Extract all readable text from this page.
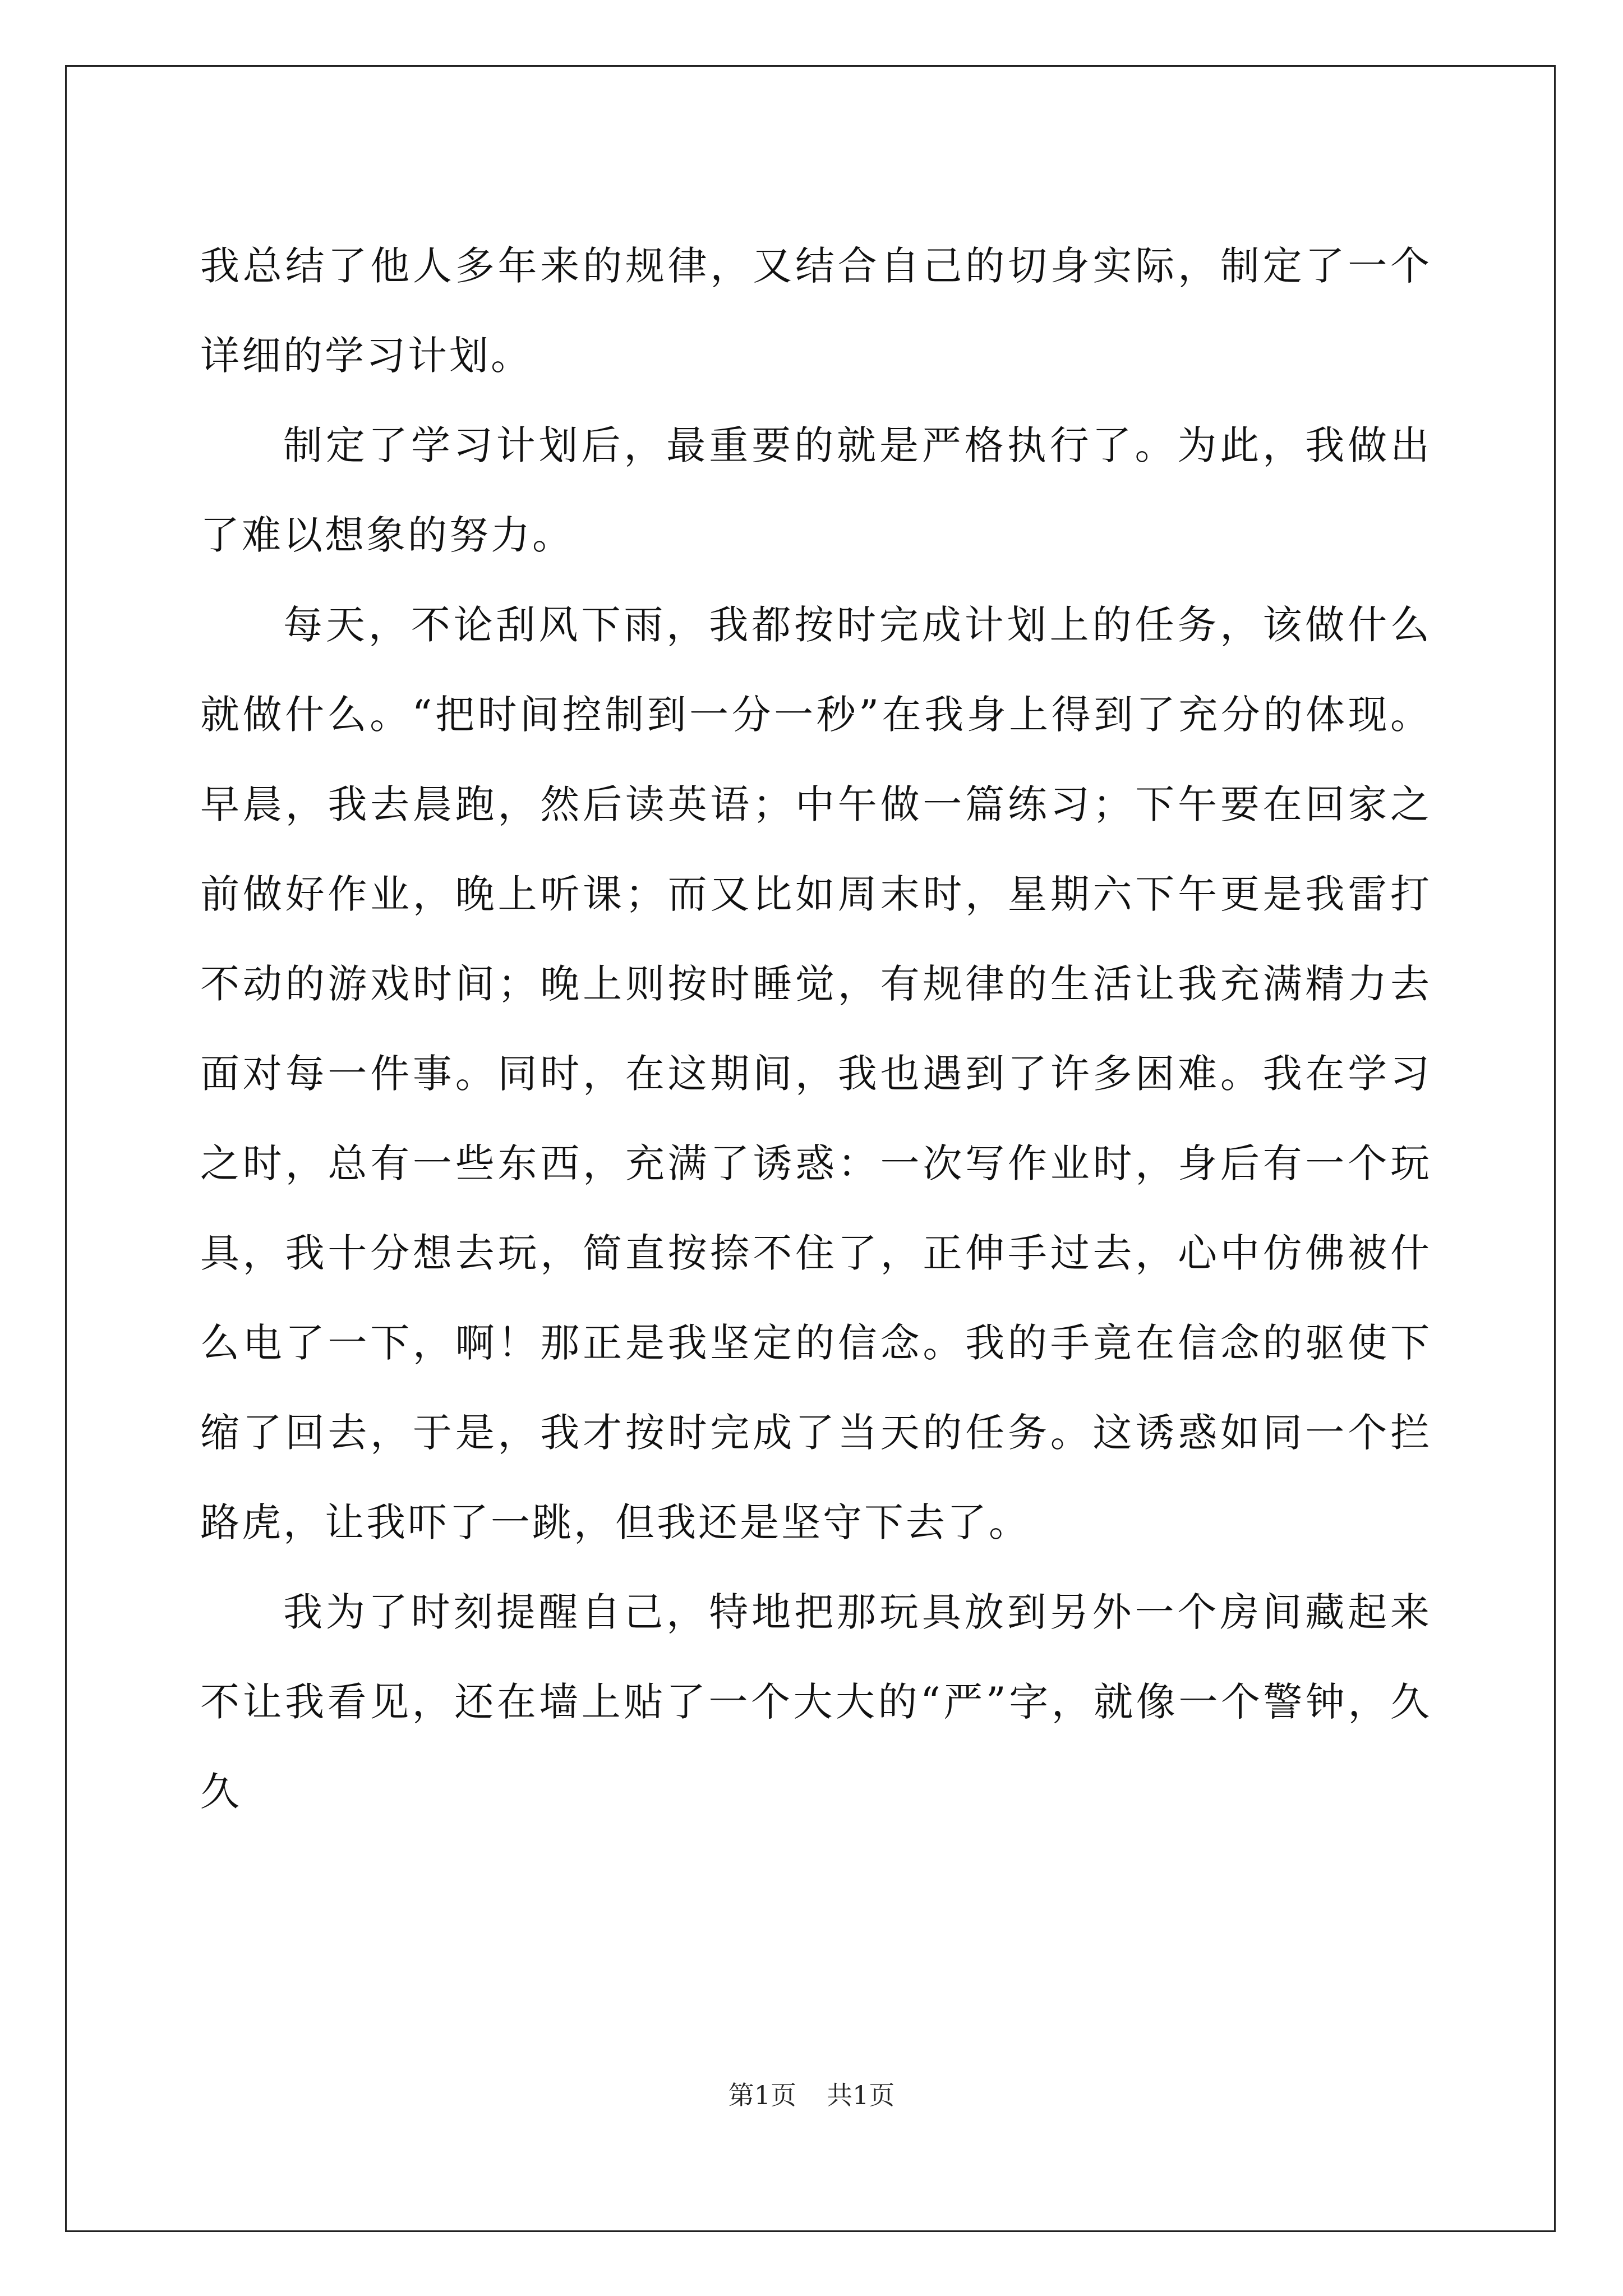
我总结了他人多年来的规律，又结合自己的切身实际，制定了一个详细的学习计划。

制定了学习计划后，最重要的就是严格执行了。为此，我做出了难以想象的努力。

每天，不论刮风下雨，我都按时完成计划上的任务，该做什么就做什么。“把时间控制到一分一秒”在我身上得到了充分的体现。早晨，我去晨跑，然后读英语；中午做一篇练习；下午要在回家之前做好作业，晚上听课；而又比如周末时，星期六下午更是我雷打不动的游戏时间；晚上则按时睡觉，有规律的生活让我充满精力去面对每一件事。同时，在这期间，我也遇到了许多困难。我在学习之时，总有一些东西，充满了诱惑：一次写作业时，身后有一个玩具，我十分想去玩，简直按捺不住了，正伸手过去，心中仿佛被什么电了一下，啊！那正是我坚定的信念。我的手竟在信念的驱使下缩了回去，于是，我才按时完成了当天的任务。这诱惑如同一个拦路虎，让我吓了一跳，但我还是坚守下去了。

我为了时刻提醒自己，特地把那玩具放到另外一个房间藏起来不让我看见，还在墙上贴了一个大大的“严”字，就像一个警钟，久久

第1页 共1页
